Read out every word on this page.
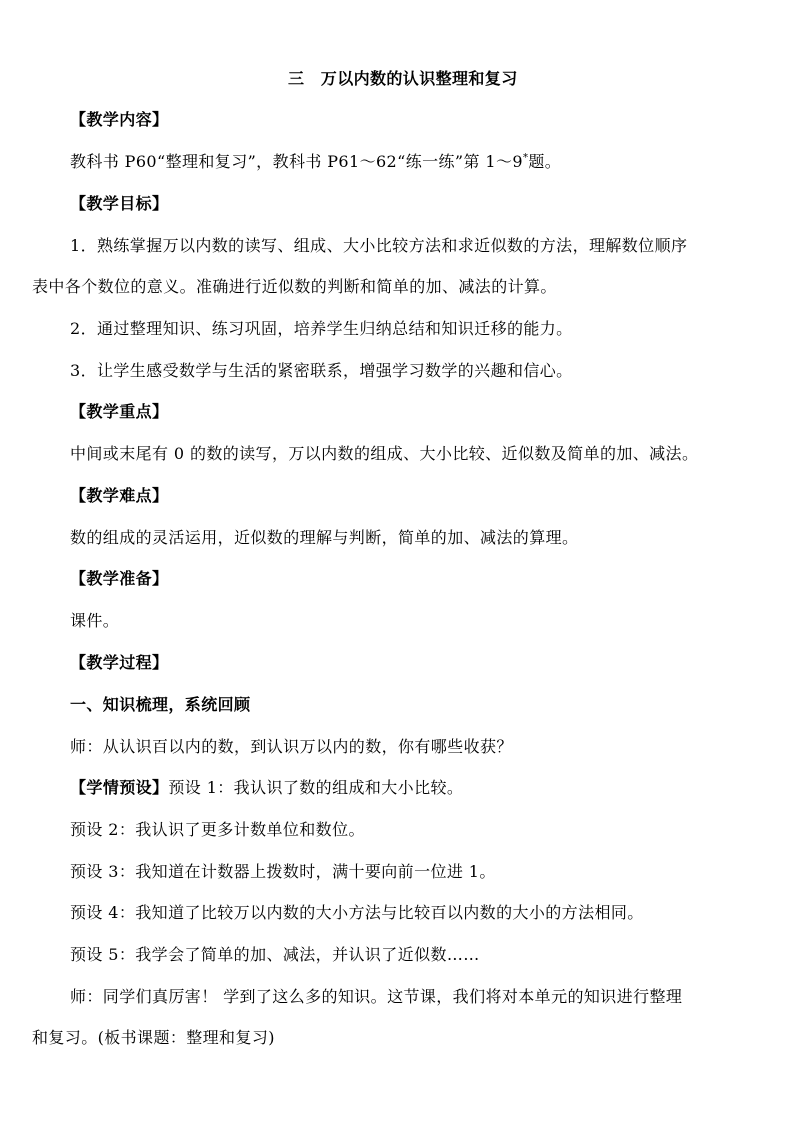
三　万以内数的认识整理和复习
【教学内容】
教科书 P60“整理和复习”，教科书 P61～62“练一练”第 1～9*题。
【教学目标】
1．熟练掌握万以内数的读写、组成、大小比较方法和求近似数的方法，理解数位顺序
表中各个数位的意义。准确进行近似数的判断和简单的加、减法的计算。
2．通过整理知识、练习巩固，培养学生归纳总结和知识迁移的能力。
3．让学生感受数学与生活的紧密联系，增强学习数学的兴趣和信心。
【教学重点】
中间或末尾有 0 的数的读写，万以内数的组成、大小比较、近似数及简单的加、减法。
【教学难点】
数的组成的灵活运用，近似数的理解与判断，简单的加、减法的算理。
【教学准备】
课件。
【教学过程】
一、知识梳理，系统回顾
师：从认识百以内的数，到认识万以内的数，你有哪些收获？
【学情预设】预设 1：我认识了数的组成和大小比较。
预设 2：我认识了更多计数单位和数位。
预设 3：我知道在计数器上拨数时，满十要向前一位进 1。
预设 4：我知道了比较万以内数的大小方法与比较百以内数的大小的方法相同。
预设 5：我学会了简单的加、减法，并认识了近似数……
师：同学们真厉害！ 学到了这么多的知识。这节课，我们将对本单元的知识进行整理
和复习。(板书课题：整理和复习)
